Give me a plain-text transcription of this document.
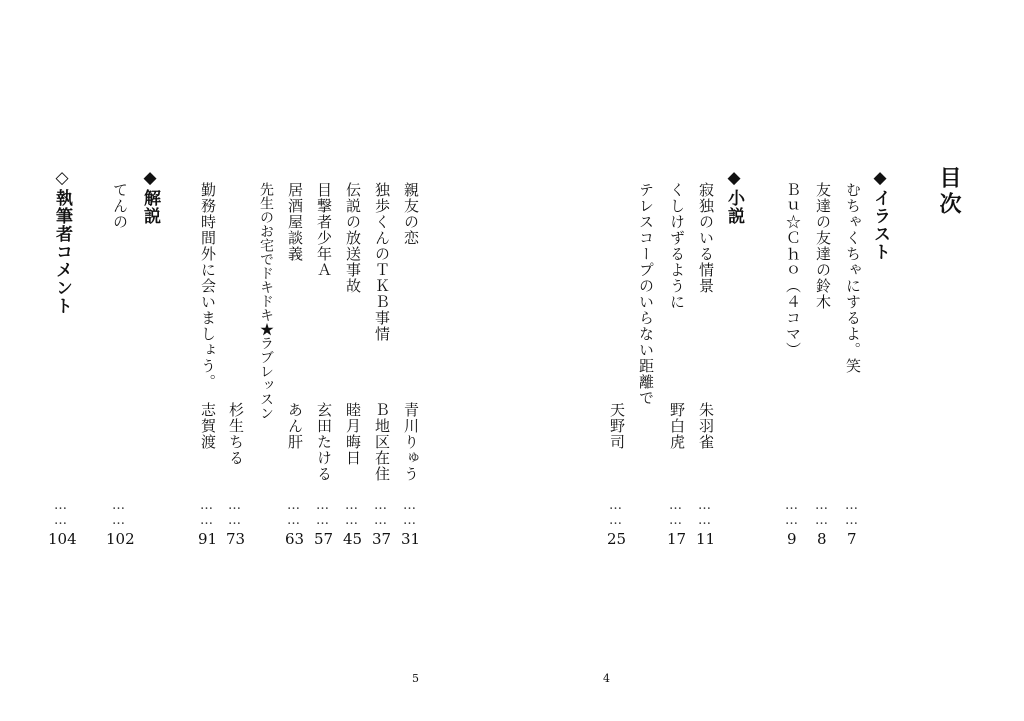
目次
◆イラスト
むちゃくちゃにするよ。笑
……
7
友達の友達の鈴木
……
8
Ｂｕ☆Ｃｈｏ（４コマ）
……
9
◆小説
寂独のいる情景
朱羽雀
……
11
くしけずるように
野白虎
……
17
テレスコープのいらない距離で
天野司
……
25
親友の恋
青川りゅう
……
31
独歩くんのＴＫＢ事情
Ｂ地区在住
……
37
伝説の放送事故
睦月晦日
……
45
目撃者少年Ａ
玄田たける
……
57
居酒屋談義
あん肝
……
63
先生のお宅でドキドキ★ラブレッスン
杉生ちる
……
73
勤務時間外に会いましょう。
志賀渡
……
91
◆解説
てんの
……
102
◇執筆者コメント
……
104
5	4
